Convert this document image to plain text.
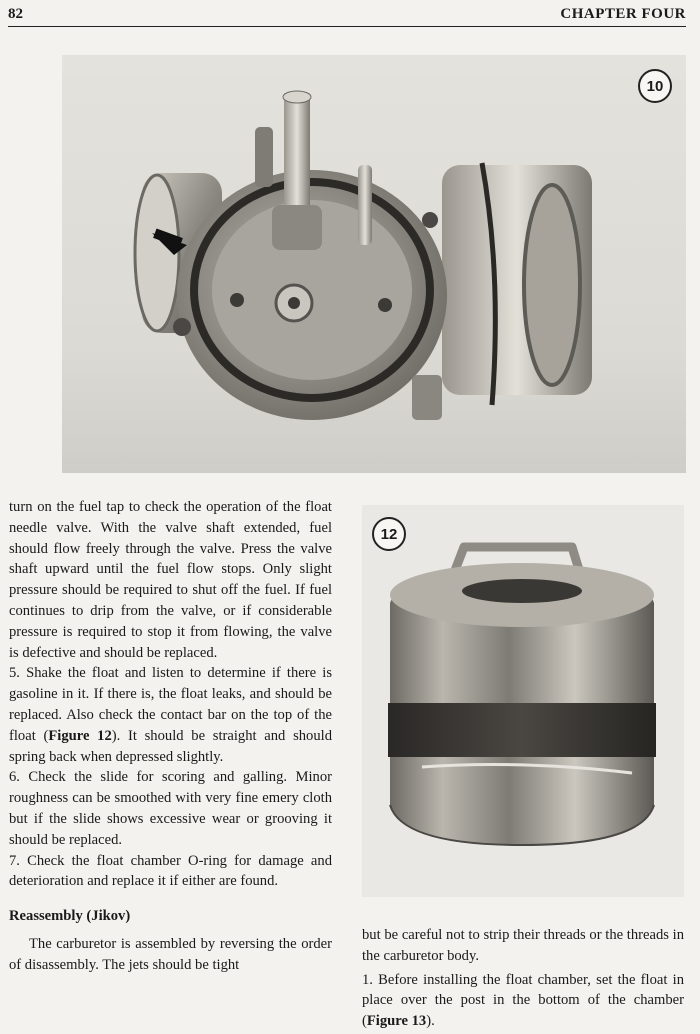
82	CHAPTER FOUR
10
12

turn on the fuel tap to check the operation of the float needle valve. With the valve shaft extended, fuel should flow freely through the valve. Press the valve shaft upward until the fuel flow stops. Only slight pressure should be required to shut off the fuel. If fuel continues to drip from the valve, or if considerable pressure is required to stop it from flowing, the valve is defective and should be replaced.

5. Shake the float and listen to determine if there is gasoline in it. If there is, the float leaks, and should be replaced. Also check the contact bar on the top of the float (Figure 12). It should be straight and should spring back when depressed slightly.

6. Check the slide for scoring and galling. Minor roughness can be smoothed with very fine emery cloth but if the slide shows excessive wear or grooving it should be replaced.

7. Check the float chamber O-ring for damage and deterioration and replace it if either are found.

Reassembly (Jikov)

The carburetor is assembled by reversing the order of disassembly. The jets should be tight

but be careful not to strip their threads or the threads in the carburetor body.

1. Before installing the float chamber, set the float in place over the post in the bottom of the chamber (Figure 13).
